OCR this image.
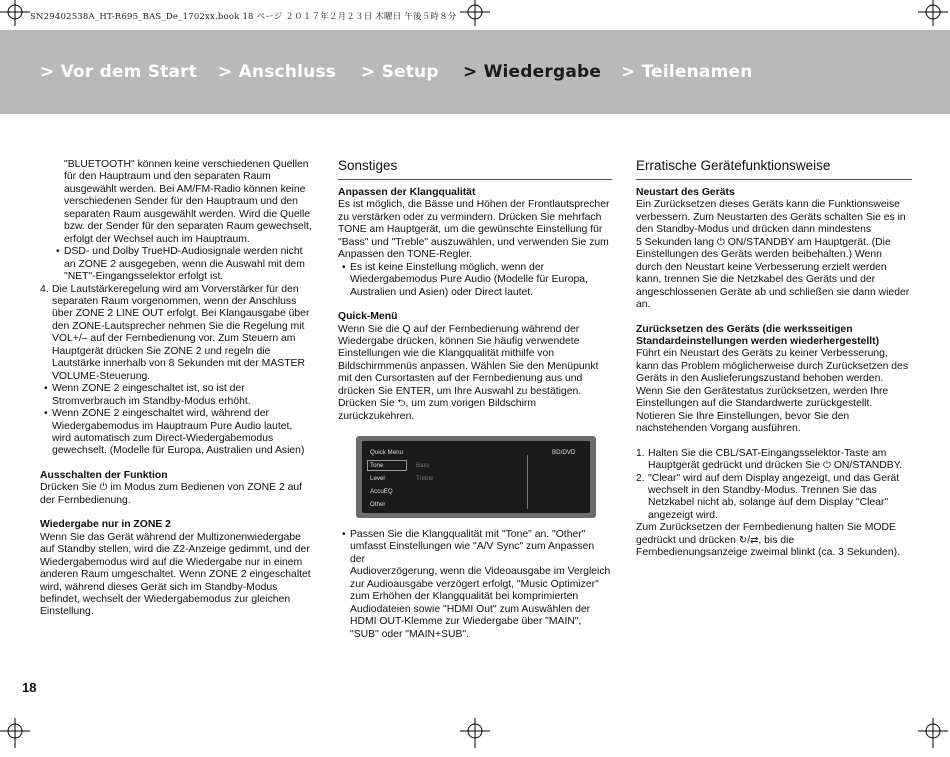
SN29402538A_HT-R695_BAS_De_1702xx.book 18 ページ ２０１７年２月２３日 木曜日 午後５時８分
> Vor dem Start > Anschluss > Setup > Wiedergabe > Teilenamen

"BLUETOOTH" können keine verschiedenen Quellen

für den Hauptraum und den separaten Raum

ausgewählt werden. Bei AM/FM-Radio können keine

verschiedenen Sender für den Hauptraum und den

separaten Raum ausgewählt werden. Wird die Quelle

bzw. der Sender für den separaten Raum gewechselt,

erfolgt der Wechsel auch im Hauptraum.

• DSD- und Dolby TrueHD-Audiosignale werden nicht

an ZONE 2 ausgegeben, wenn die Auswahl mit dem

"NET"-Eingangsselektor erfolgt ist.

4. Die Lautstärkeregelung wird am Vorverstärker für den

separaten Raum vorgenommen, wenn der Anschluss

über ZONE 2 LINE OUT erfolgt. Bei Klangausgabe über

den ZONE-Lautsprecher nehmen Sie die Regelung mit

VOL+/– auf der Fernbedienung vor. Zum Steuern am

Hauptgerät drücken Sie ZONE 2 und regeln die

Lautstärke innerhalb von 8 Sekunden mit der MASTER

VOLUME-Steuerung.

• Wenn ZONE 2 eingeschaltet ist, so ist der

Stromverbrauch im Standby-Modus erhöht.

• Wenn ZONE 2 eingeschaltet wird, während der

Wiedergabemodus im Hauptraum Pure Audio lautet,

wird automatisch zum Direct-Wiedergabemodus

gewechselt. (Modelle für Europa, Australien und Asien)

Ausschalten der Funktion

Drücken Sie ⏻ im Modus zum Bedienen von ZONE 2 auf

der Fernbedienung.

Wiedergabe nur in ZONE 2

Wenn Sie das Gerät während der Multizonenwiedergabe

auf Standby stellen, wird die Z2-Anzeige gedimmt, und der

Wiedergabemodus wird auf die Wiedergabe nur in einem

anderen Raum umgeschaltet. Wenn ZONE 2 eingeschaltet

wird, während dieses Gerät sich im Standby-Modus

befindet, wechselt der Wiedergabemodus zur gleichen

Einstellung.

Sonstiges

Anpassen der Klangqualität

Es ist möglich, die Bässe und Höhen der Frontlautsprecher

zu verstärken oder zu vermindern. Drücken Sie mehrfach

TONE am Hauptgerät, um die gewünschte Einstellung für

"Bass" und "Treble" auszuwählen, und verwenden Sie zum

Anpassen den TONE-Regler.

• Es ist keine Einstellung möglich, wenn der

Wiedergabemodus Pure Audio (Modelle für Europa,

Australien und Asien) oder Direct lautet.

Quick-Menü

Wenn Sie die Q auf der Fernbedienung während der

Wiedergabe drücken, können Sie häufig verwendete

Einstellungen wie die Klangqualität mithilfe von

Bildschirmmenüs anpassen. Wählen Sie den Menüpunkt

mit den Cursortasten auf der Fernbedienung aus und

drücken Sie ENTER, um Ihre Auswahl zu bestätigen.

Drücken Sie ⮌, um zum vorigen Bildschirm

zurückzukehren.

Quick Menu	BD/DVD
Tone
Level
AccuEQ
Other
Bass
Treble

• Passen Sie die Klangqualität mit "Tone" an. "Other"

umfasst Einstellungen wie "A/V Sync" zum Anpassen der

Audioverzögerung, wenn die Videoausgabe im Vergleich

zur Audioausgabe verzögert erfolgt, "Music Optimizer"

zum Erhöhen der Klangqualität bei komprimierten

Audiodateien sowie "HDMI Out" zum Auswählen der

HDMI OUT-Klemme zur Wiedergabe über "MAIN",

"SUB" oder "MAIN+SUB".

Erratische Gerätefunktionsweise

Neustart des Geräts

Ein Zurücksetzen dieses Geräts kann die Funktionsweise

verbessern. Zum Neustarten des Geräts schalten Sie es in

den Standby-Modus und drücken dann mindestens

5 Sekunden lang ⏻ ON/STANDBY am Hauptgerät. (Die

Einstellungen des Geräts werden beibehalten.) Wenn

durch den Neustart keine Verbesserung erzielt werden

kann, trennen Sie die Netzkabel des Geräts und der

angeschlossenen Geräte ab und schließen sie dann wieder

an.

Zurücksetzen des Geräts (die werksseitigen

Standardeinstellungen werden wiederhergestellt)

Führt ein Neustart des Geräts zu keiner Verbesserung,

kann das Problem möglicherweise durch Zurücksetzen des

Geräts in den Auslieferungszustand behoben werden.

Wenn Sie den Gerätestatus zurücksetzen, werden Ihre

Einstellungen auf die Standardwerte zurückgestellt.

Notieren Sie Ihre Einstellungen, bevor Sie den

nachstehenden Vorgang ausführen.

1. Halten Sie die CBL/SAT-Eingangsselektor-Taste am

Hauptgerät gedrückt und drücken Sie ⏻ ON/STANDBY.

2. "Clear" wird auf dem Display angezeigt, und das Gerät

wechselt in den Standby-Modus. Trennen Sie das

Netzkabel nicht ab, solange auf dem Display "Clear"

angezeigt wird.

Zum Zurücksetzen der Fernbedienung halten Sie MODE

gedrückt und drücken ↻/⇄, bis die

Fernbedienungsanzeige zweimal blinkt (ca. 3 Sekunden).

18
